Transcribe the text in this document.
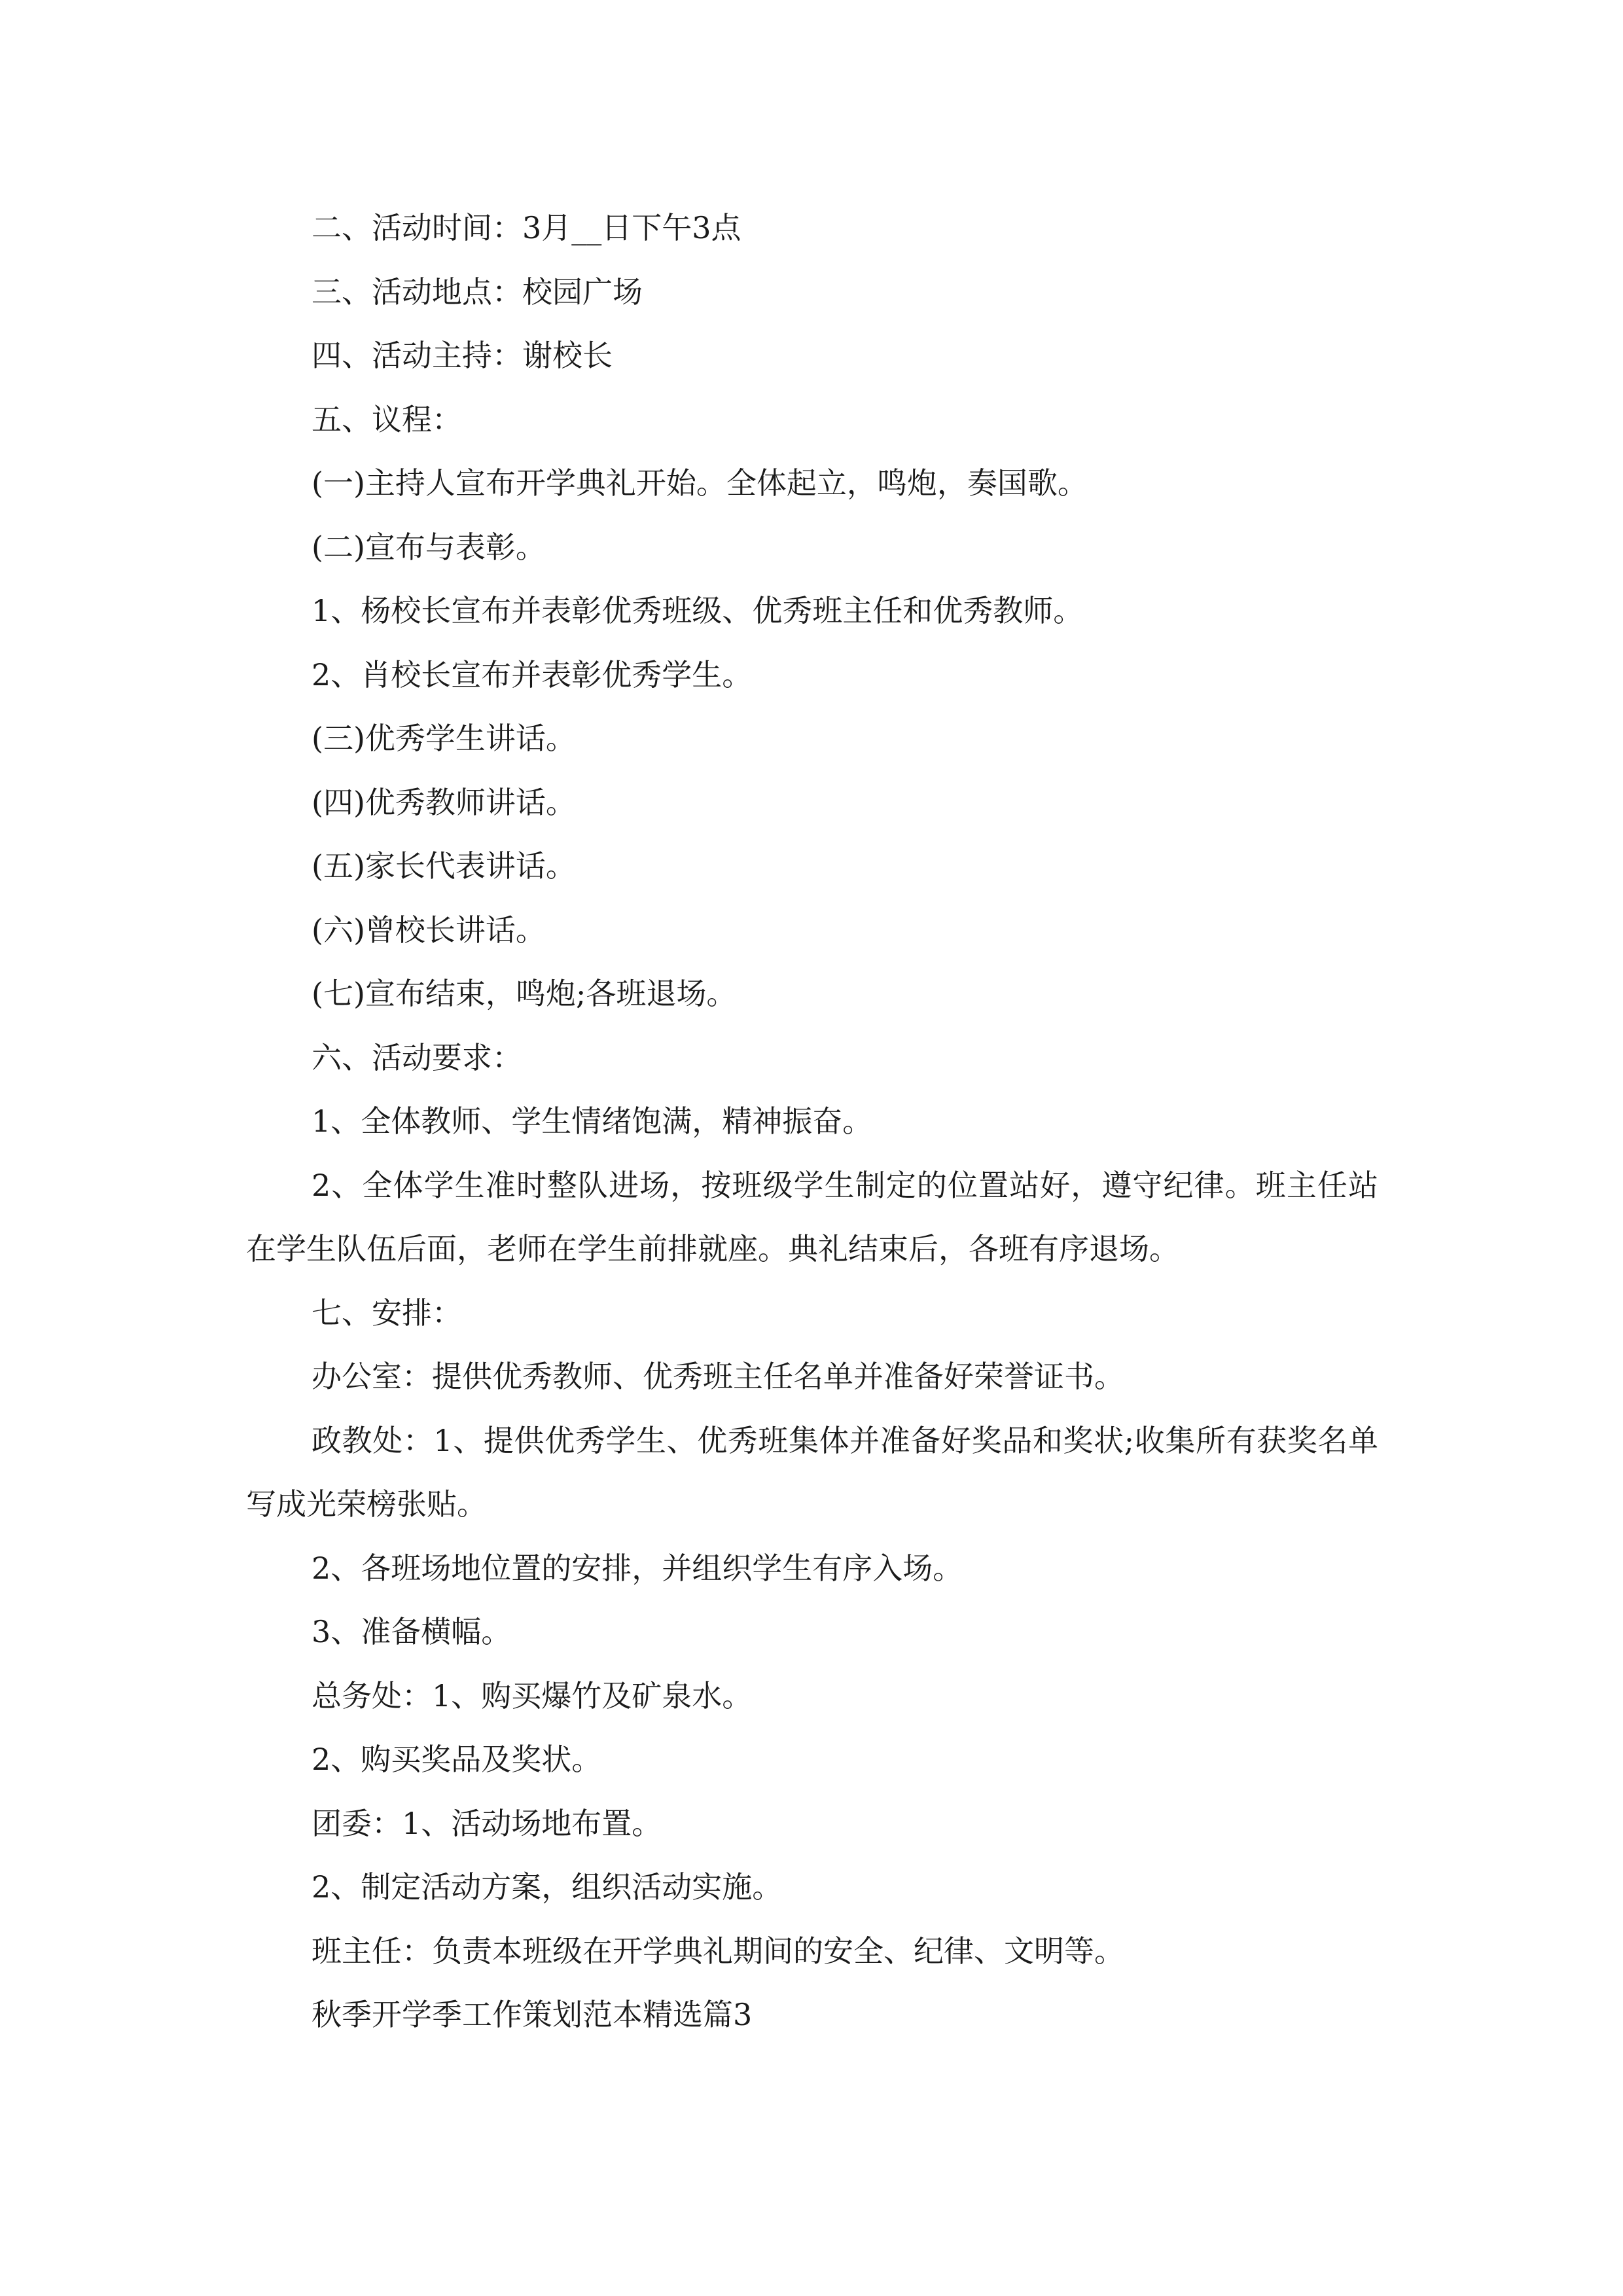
二、活动时间：3月__日下午3点

三、活动地点：校园广场

四、活动主持：谢校长

五、议程：

(一)主持人宣布开学典礼开始。全体起立，鸣炮，奏国歌。

(二)宣布与表彰。

1、杨校长宣布并表彰优秀班级、优秀班主任和优秀教师。

2、肖校长宣布并表彰优秀学生。

(三)优秀学生讲话。

(四)优秀教师讲话。

(五)家长代表讲话。

(六)曾校长讲话。

(七)宣布结束，鸣炮;各班退场。

六、活动要求：

1、全体教师、学生情绪饱满，精神振奋。

2、全体学生准时整队进场，按班级学生制定的位置站好，遵守纪律。班主任站在学生队伍后面，老师在学生前排就座。典礼结束后，各班有序退场。

七、安排：

办公室：提供优秀教师、优秀班主任名单并准备好荣誉证书。

政教处：1、提供优秀学生、优秀班集体并准备好奖品和奖状;收集所有获奖名单写成光荣榜张贴。

2、各班场地位置的安排，并组织学生有序入场。

3、准备横幅。

总务处：1、购买爆竹及矿泉水。

2、购买奖品及奖状。

团委：1、活动场地布置。

2、制定活动方案，组织活动实施。

班主任：负责本班级在开学典礼期间的安全、纪律、文明等。

秋季开学季工作策划范本精选篇3
